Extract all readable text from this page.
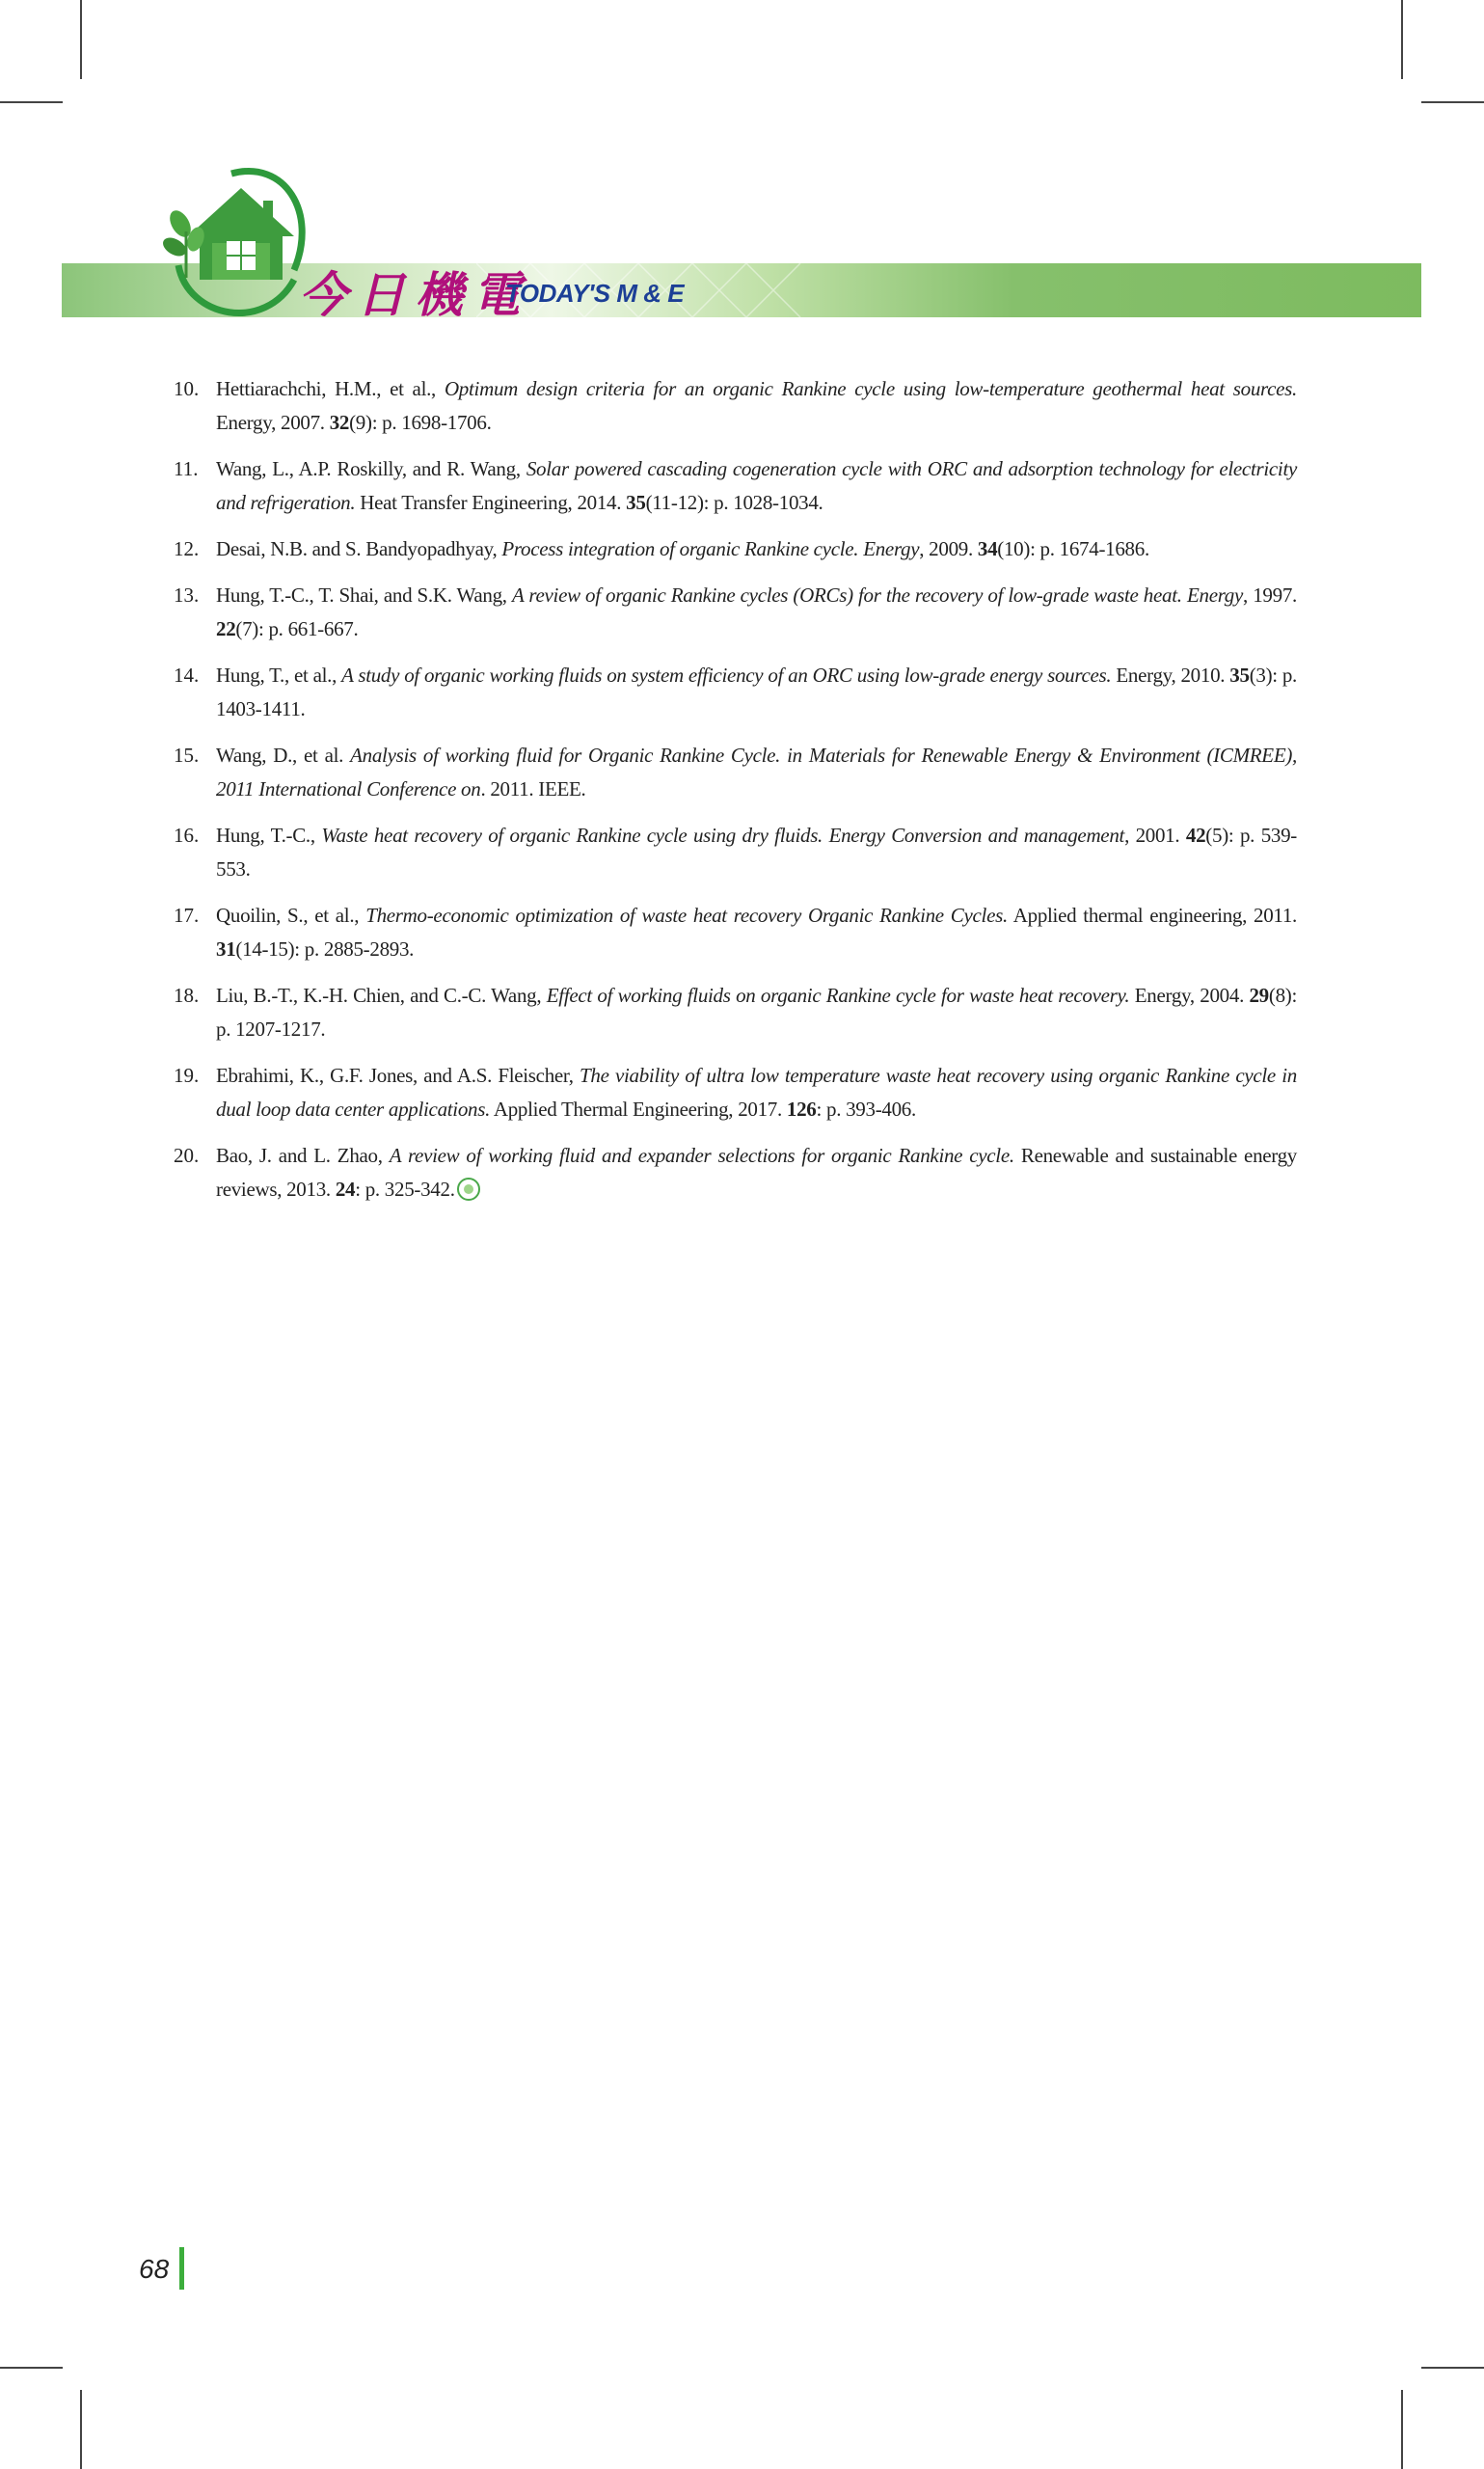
今日機電
TODAY'S M & E
10. Hettiarachchi, H.M., et al., Optimum design criteria for an organic Rankine cycle using low-temperature geothermal heat sources. Energy, 2007. 32(9): p. 1698-1706.
11. Wang, L., A.P. Roskilly, and R. Wang, Solar powered cascading cogeneration cycle with ORC and adsorption technology for electricity and refrigeration. Heat Transfer Engineering, 2014. 35(11-12): p. 1028-1034.
12. Desai, N.B. and S. Bandyopadhyay, Process integration of organic Rankine cycle. Energy, 2009. 34(10): p. 1674-1686.
13. Hung, T.-C., T. Shai, and S.K. Wang, A review of organic Rankine cycles (ORCs) for the recovery of low-grade waste heat. Energy, 1997. 22(7): p. 661-667.
14. Hung, T., et al., A study of organic working fluids on system efficiency of an ORC using low-grade energy sources. Energy, 2010. 35(3): p. 1403-1411.
15. Wang, D., et al. Analysis of working fluid for Organic Rankine Cycle. in Materials for Renewable Energy & Environment (ICMREE), 2011 International Conference on. 2011. IEEE.
16. Hung, T.-C., Waste heat recovery of organic Rankine cycle using dry fluids. Energy Conversion and management, 2001. 42(5): p. 539-553.
17. Quoilin, S., et al., Thermo-economic optimization of waste heat recovery Organic Rankine Cycles. Applied thermal engineering, 2011. 31(14-15): p. 2885-2893.
18. Liu, B.-T., K.-H. Chien, and C.-C. Wang, Effect of working fluids on organic Rankine cycle for waste heat recovery. Energy, 2004. 29(8): p. 1207-1217.
19. Ebrahimi, K., G.F. Jones, and A.S. Fleischer, The viability of ultra low temperature waste heat recovery using organic Rankine cycle in dual loop data center applications. Applied Thermal Engineering, 2017. 126: p. 393-406.
20. Bao, J. and L. Zhao, A review of working fluid and expander selections for organic Rankine cycle. Renewable and sustainable energy reviews, 2013. 24: p. 325-342.
68
